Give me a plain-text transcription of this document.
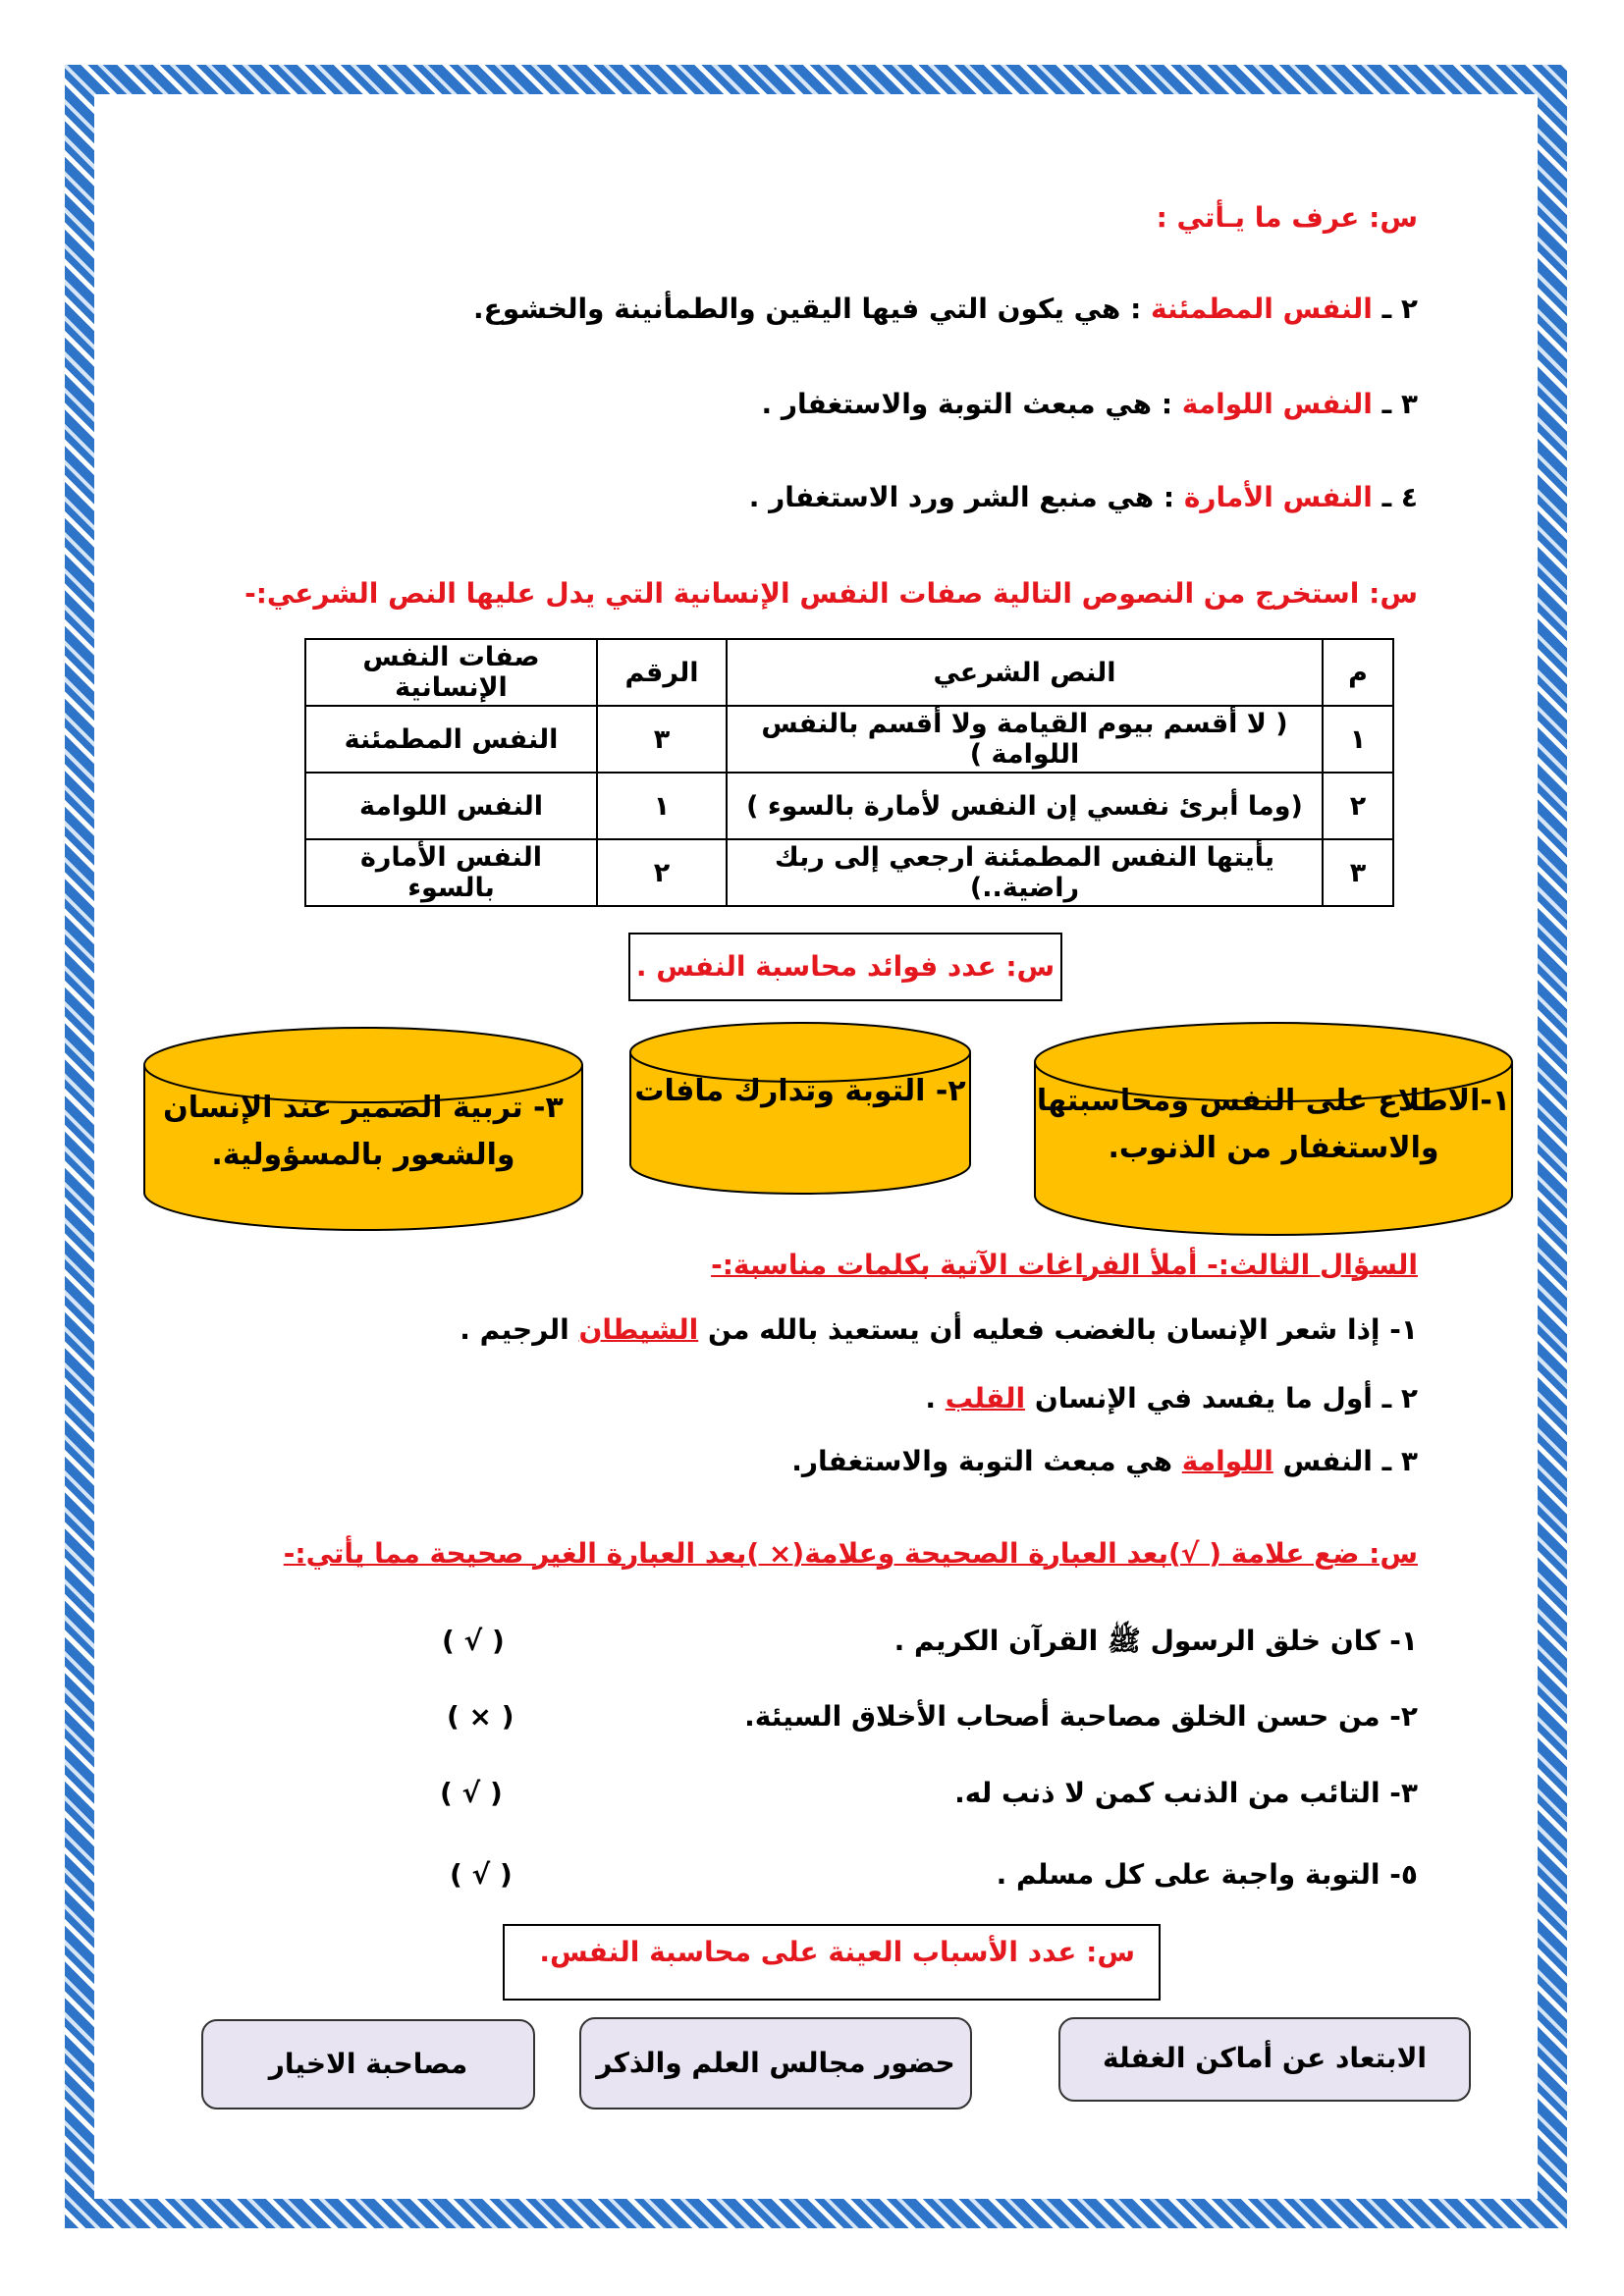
س: عرف ما يـأتي :
٢ ـ النفس المطمئنة : هي يكون التي فيها اليقين والطمأنينة والخشوع.
٣ ـ النفس اللوامة : هي مبعث التوبة والاستغفار .
٤ ـ النفس الأمارة : هي منبع الشر ورد الاستغفار .
س: استخرج من النصوص التالية صفات النفس الإنسانية التي يدل عليها النص الشرعي:-
م	النص الشرعي	الرقم	صفات النفس الإنسانية
١	( لا أقسم بيوم القيامة ولا أقسم بالنفس اللوامة )	٣	النفس المطمئنة
٢	(وما أبرئ نفسي إن النفس لأمارة بالسوء )	١	النفس اللوامة
٣	يأيتها النفس المطمئنة ارجعي إلى ربك راضية..)	٢	النفس الأمارة بالسوء
س: عدد فوائد محاسبة النفس .
١-الاطلاع على النفس ومحاسبتها
والاستغفار من الذنوب.
٢- التوبة وتدارك مافات
٣- تربية الضمير عند الإنسان
والشعور بالمسؤولية.
السؤال الثالث:- أملأ الفراغات الآتية بكلمات مناسبة:-
١- إذا شعر الإنسان بالغضب فعليه أن يستعيذ بالله من الشيطان الرجيم .
٢ ـ أول ما يفسد في الإنسان القلب .
٣ ـ النفس اللوامة هي مبعث التوبة والاستغفار.
س: ضع علامة ( √)بعد العبارة الصحيحة وعلامة(× )بعد العبارة الغير صحيحة مما يأتي:-
١- كان خلق الرسول ﷺ القرآن الكريم .
( √ )
٢- من حسن الخلق مصاحبة أصحاب الأخلاق السيئة.
( × )
٣- التائب من الذنب كمن لا ذنب له.
( √ )
٥- التوبة واجبة على كل مسلم .
( √ )
س: عدد الأسباب العينة على محاسبة النفس.
الابتعاد عن أماكن الغفلة
حضور مجالس العلم والذكر
مصاحبة الاخيار
